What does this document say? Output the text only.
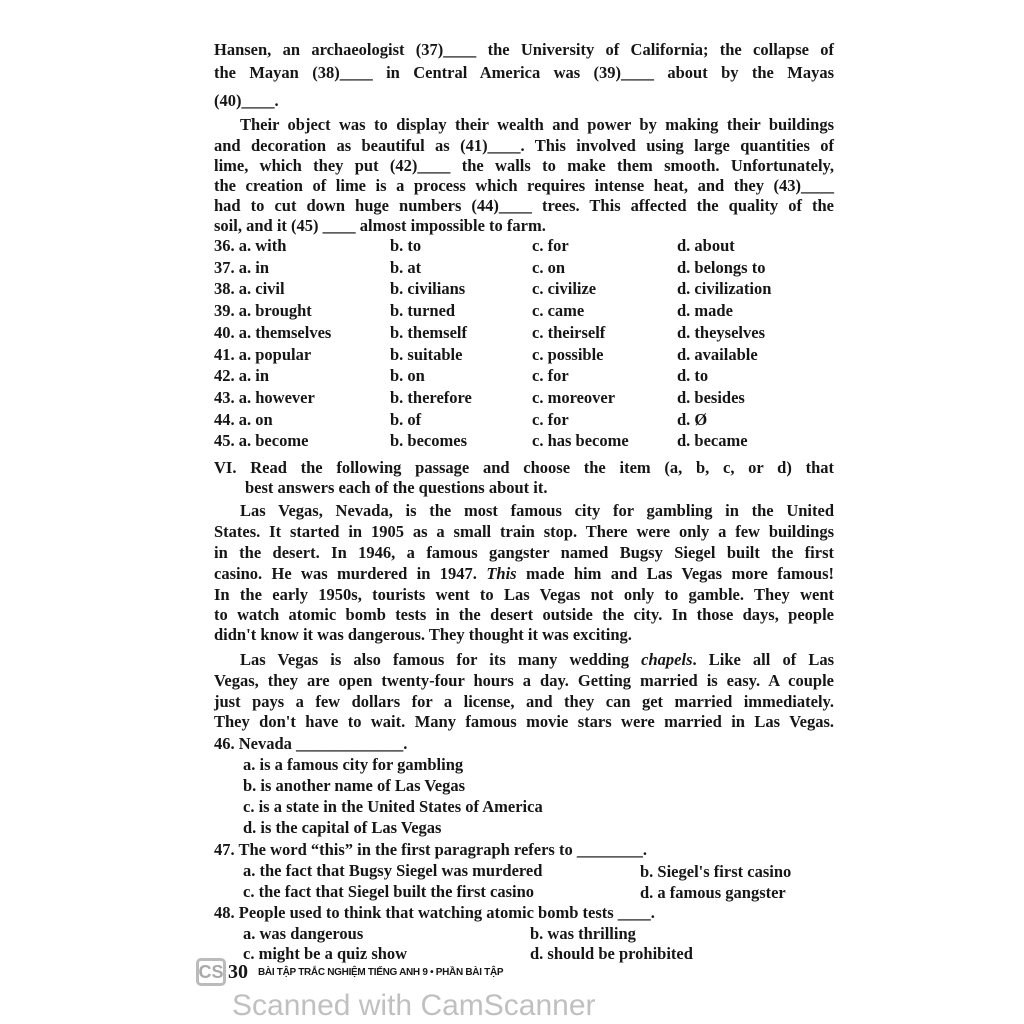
Hansen, an archaeologist (37)____ the University of California; the collapse of
the Mayan (38)____ in Central America was (39)____ about by the Mayas
(40)____.
Their object was to display their wealth and power by making their buildings
and decoration as beautiful as (41)____. This involved using large quantities of
lime, which they put (42)____ the walls to make them smooth. Unfortunately,
the creation of lime is a process which requires intense heat, and they (43)____
had to cut down huge numbers (44)____ trees. This affected the quality of the
soil, and it (45) ____ almost impossible to farm.
36. a. with	b. to	c. for	d. about
37. a. in	b. at	c. on	d. belongs to
38. a. civil	b. civilians	c. civilize	d. civilization
39. a. brought	b. turned	c. came	d. made
40. a. themselves	b. themself	c. theirself	d. theyselves
41. a. popular	b. suitable	c. possible	d. available
42. a. in	b. on	c. for	d. to
43. a. however	b. therefore	c. moreover	d. besides
44. a. on	b. of	c. for	d. Ø
45. a. become	b. becomes	c. has become	d. became
VI. Read the following passage and choose the item (a, b, c, or d) that
best answers each of the questions about it.
Las Vegas, Nevada, is the most famous city for gambling in the United
States. It started in 1905 as a small train stop. There were only a few buildings
in the desert. In 1946, a famous gangster named Bugsy Siegel built the first
casino. He was murdered in 1947. This made him and Las Vegas more famous!
In the early 1950s, tourists went to Las Vegas not only to gamble. They went
to watch atomic bomb tests in the desert outside the city. In those days, people
didn't know it was dangerous. They thought it was exciting.
Las Vegas is also famous for its many wedding chapels. Like all of Las
Vegas, they are open twenty-four hours a day. Getting married is easy. A couple
just pays a few dollars for a license, and they can get married immediately.
They don't have to wait. Many famous movie stars were married in Las Vegas.
46. Nevada _____________.
a. is a famous city for gambling
b. is another name of Las Vegas
c. is a state in the United States of America
d. is the capital of Las Vegas
47. The word “this” in the first paragraph refers to ________.
a. the fact that Bugsy Siegel was murdered	b. Siegel's first casino
c. the fact that Siegel built the first casino	d. a famous gangster
48. People used to think that watching atomic bomb tests ____.
a. was dangerous	b. was thrilling
c. might be a quiz show	d. should be prohibited
CS 30 BÀI TẬP TRẮC NGHIỆM TIẾNG ANH 9 • PHẦN BÀI TẬP
Scanned with CamScanner
